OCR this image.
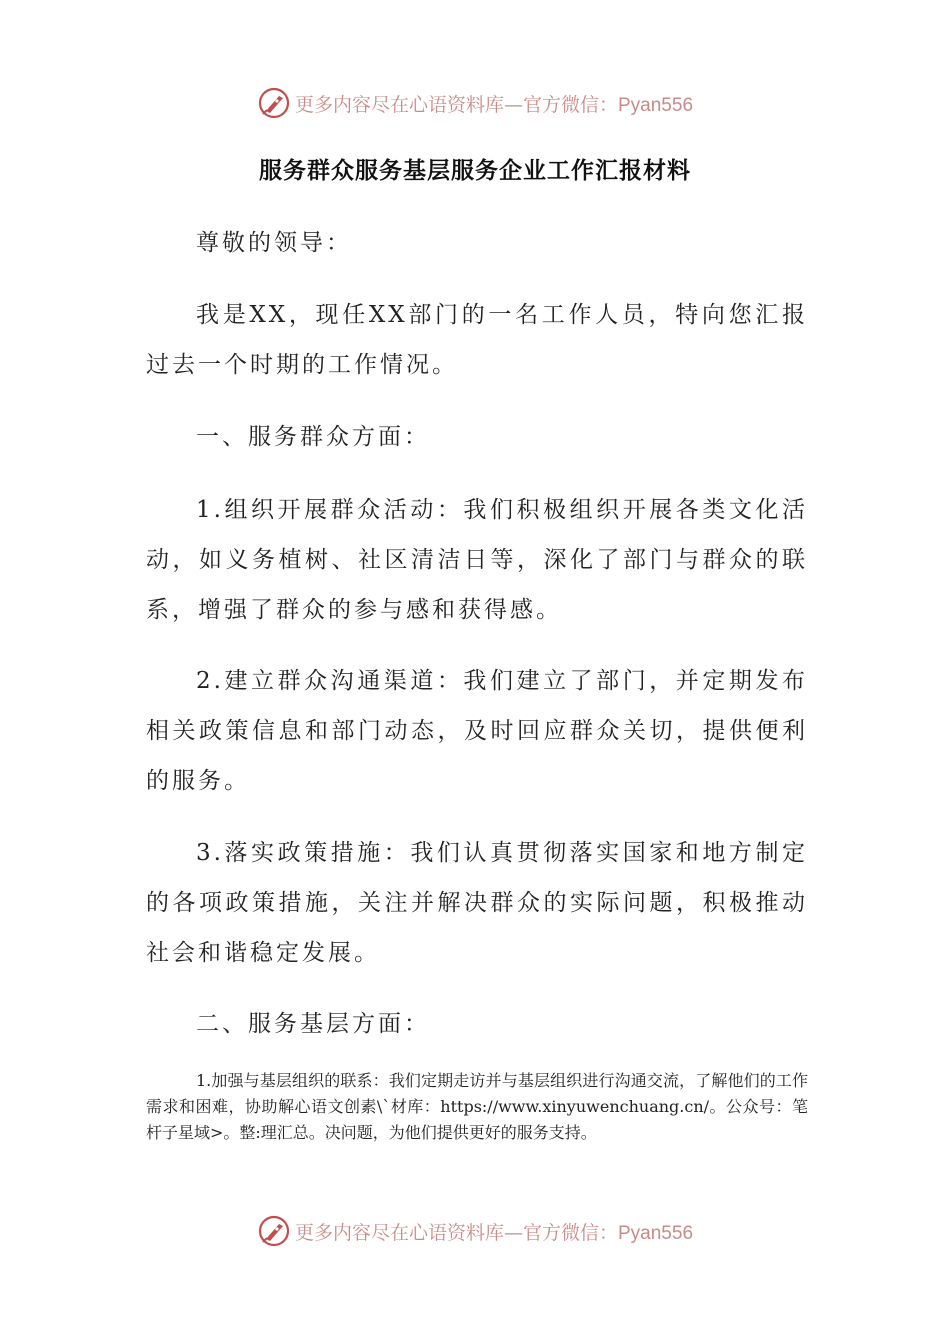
更多内容尽在心语资料库—官方微信：Pyan556
服务群众服务基层服务企业工作汇报材料

尊敬的领导：

我是XX，现任XX部门的一名工作人员，特向您汇报过去一个时期的工作情况。

一、服务群众方面：

1.组织开展群众活动：我们积极组织开展各类文化活动，如义务植树、社区清洁日等，深化了部门与群众的联系，增强了群众的参与感和获得感。

2.建立群众沟通渠道：我们建立了部门，并定期发布相关政策信息和部门动态，及时回应群众关切，提供便利的服务。

3.落实政策措施：我们认真贯彻落实国家和地方制定的各项政策措施，关注并解决群众的实际问题，积极推动社会和谐稳定发展。

二、服务基层方面：

1.加强与基层组织的联系：我们定期走访并与基层组织进行沟通交流，了解他们的工作需求和困难，协助解心语文创素\`材库：https://www.xinyuwenchuang.cn/。公众号：笔杆子星域>。整:理汇总。决问题，为他们提供更好的服务支持。

更多内容尽在心语资料库—官方微信：Pyan556
